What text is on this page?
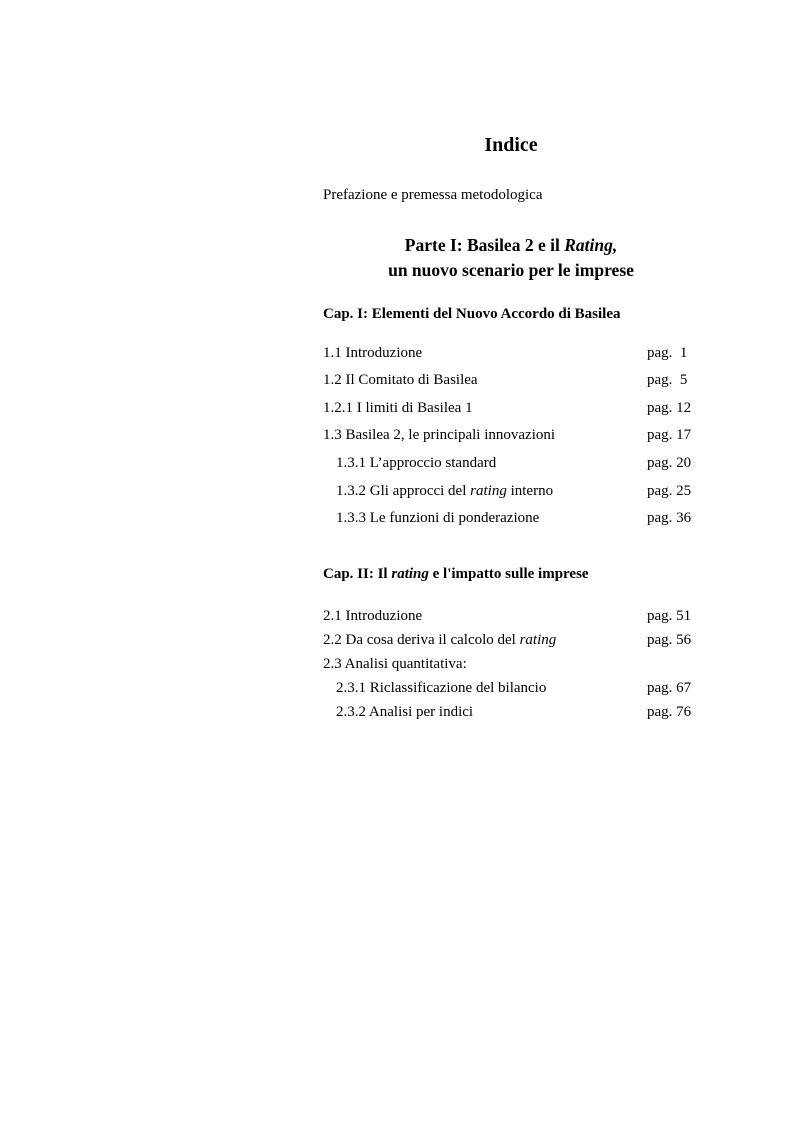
Indice
Prefazione e premessa metodologica
Parte I: Basilea 2 e il Rating,
un nuovo scenario per le imprese
Cap. I: Elementi del Nuovo Accordo di Basilea
1.1 Introduzione	pag.  1
1.2 Il Comitato di Basilea	pag.  5
1.2.1 I limiti di Basilea 1	pag. 12
1.3 Basilea 2, le principali innovazioni	pag. 17
1.3.1 L’approccio standard	pag. 20
1.3.2 Gli approcci del rating interno	pag. 25
1.3.3 Le funzioni di ponderazione	pag. 36
Cap. II: Il rating e l'impatto sulle imprese
2.1 Introduzione	pag. 51
2.2 Da cosa deriva il calcolo del rating	pag. 56
2.3 Analisi quantitativa:
2.3.1 Riclassificazione del bilancio	pag. 67
2.3.2 Analisi per indici	pag. 76
